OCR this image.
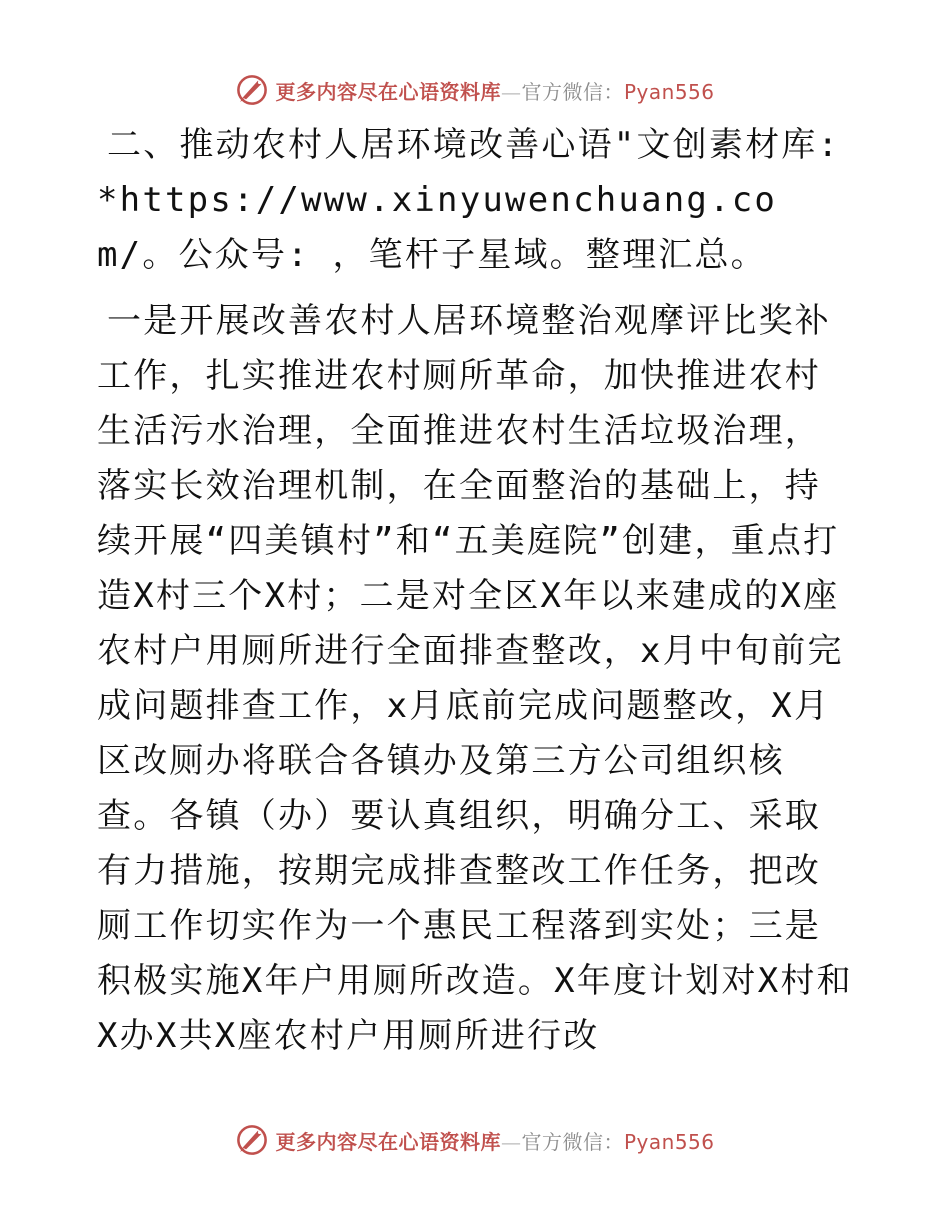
更多内容尽在心语资料库—官方微信：Pyan556

二、推动农村人居环境改善心语"文创素材库: *https://www.xinyuwenchuang.com/。公众号: ，笔杆子星域。整理汇总。

一是开展改善农村人居环境整治观摩评比奖补工作，扎实推进农村厕所革命，加快推进农村生活污水治理，全面推进农村生活垃圾治理，落实长效治理机制，在全面整治的基础上，持续开展“四美镇村”和“五美庭院”创建，重点打造X村三个X村；二是对全区X年以来建成的X座农村户用厕所进行全面排查整改，x月中旬前完成问题排查工作，x月底前完成问题整改，X月区改厕办将联合各镇办及第三方公司组织核查。各镇（办）要认真组织，明确分工、采取有力措施，按期完成排查整改工作任务，把改厕工作切实作为一个惠民工程落到实处；三是积极实施X年户用厕所改造。X年度计划对X村和X办X共X座农村户用厕所进行改

更多内容尽在心语资料库—官方微信：Pyan556
